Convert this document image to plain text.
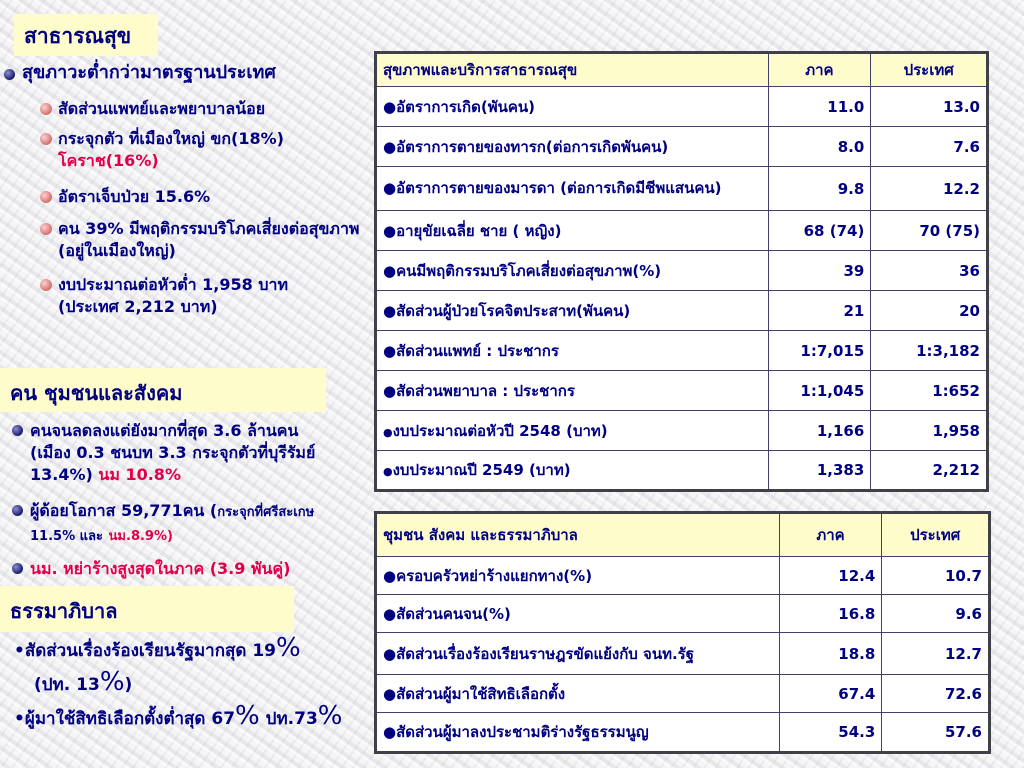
สาธารณสุข
สุขภาวะต่ำกว่ามาตรฐานประเทศ
สัดส่วนแพทย์และพยาบาลน้อย
กระจุกตัว ที่เมืองใหญ่ ขก(18%)
โคราช(16%)
อัตราเจ็บป่วย 15.6%
คน 39% มีพฤติกรรมบริโภคเสี่ยงต่อสุขภาพ (อยู่ในเมืองใหญ่)
งบประมาณต่อหัวต่ำ 1,958 บาท (ประเทศ 2,212 บาท)
คน ชุมชนและสังคม
คนจนลดลงแต่ยังมากที่สุด 3.6 ล้านคน (เมือง 0.3 ชนบท 3.3 กระจุกตัวที่บุรีรัมย์ 13.4%) นม 10.8%
ผู้ด้อยโอกาส 59,771คน (กระจุกที่ศรีสะเกษ 11.5% และ นม.8.9%)
นม. หย่าร้างสูงสุดในภาค (3.9 พันคู่)
ธรรมาภิบาล
•สัดส่วนเรื่องร้องเรียนรัฐมากสุด 19%
(ปท. 13%)
•ผู้มาใช้สิทธิเลือกตั้งต่ำสุด 67% ปท.73%
สุขภาพและบริการสาธารณสุข	ภาค	ประเทศ
●อัตราการเกิด(พันคน)	11.0	13.0
●อัตราการตายของทารก(ต่อการเกิดพันคน)	8.0	7.6
●อัตราการตายของมารดา (ต่อการเกิดมีชีพแสนคน)	9.8	12.2
●อายุขัยเฉลี่ย ชาย ( หญิง)	68 (74)	70 (75)
●คนมีพฤติกรรมบริโภคเสี่ยงต่อสุขภาพ(%)	39	36
●สัดส่วนผู้ป่วยโรคจิตประสาท(พันคน)	21	20
●สัดส่วนแพทย์ : ประชากร	1:7,015	1:3,182
●สัดส่วนพยาบาล : ประชากร	1:1,045	1:652
●งบประมาณต่อหัวปี 2548 (บาท)	1,166	1,958
●งบประมาณปี 2549 (บาท)	1,383	2,212
ชุมชน สังคม และธรรมาภิบาล	ภาค	ประเทศ
●ครอบครัวหย่าร้างแยกทาง(%)	12.4	10.7
●สัดส่วนคนจน(%)	16.8	9.6
●สัดส่วนเรื่องร้องเรียนราษฎรขัดแย้งกับ จนท.รัฐ	18.8	12.7
●สัดส่วนผู้มาใช้สิทธิเลือกตั้ง	67.4	72.6
●สัดส่วนผู้มาลงประชามติร่างรัฐธรรมนูญ	54.3	57.6
